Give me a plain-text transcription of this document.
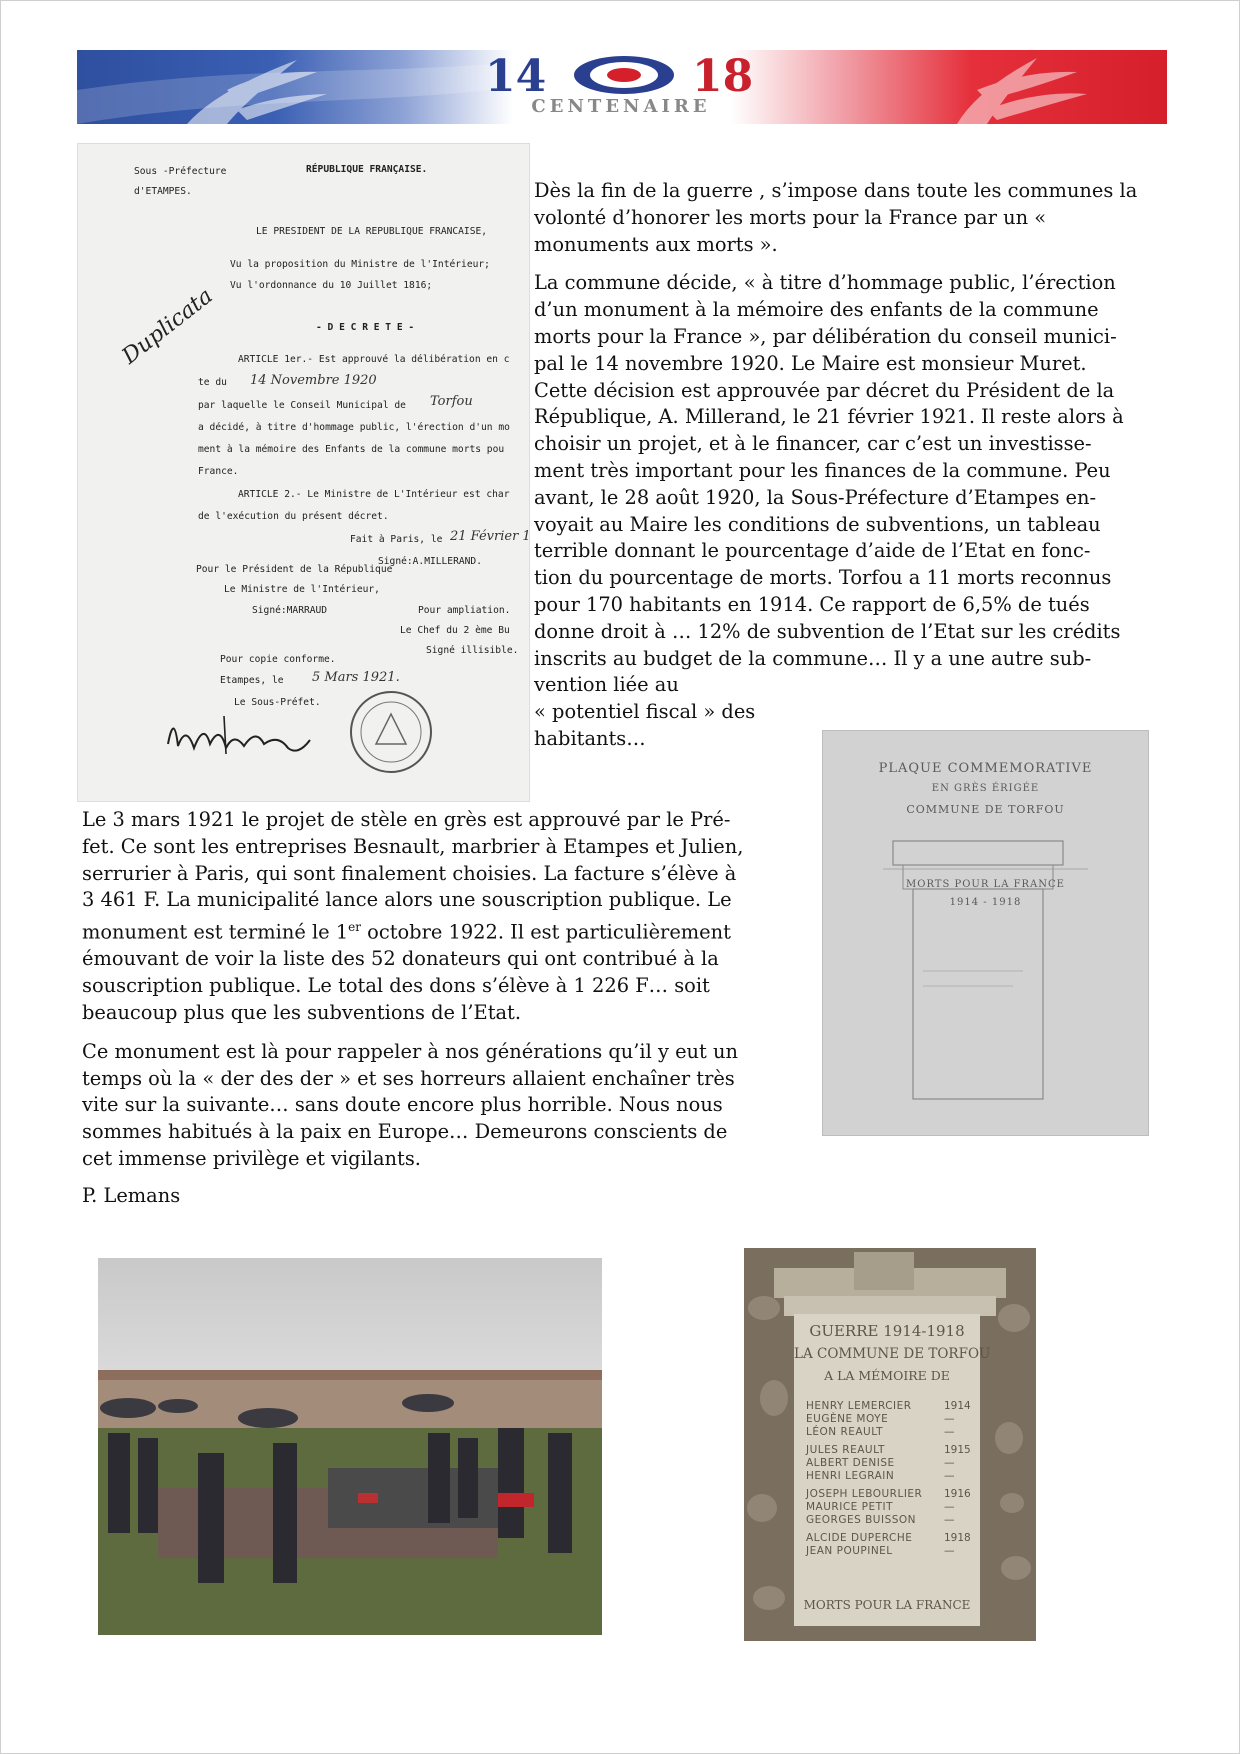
14	18
CENTENAIRE
Sous -Préfecture
d'ETAMPES.
RÉPUBLIQUE FRANÇAISE.
LE PRESIDENT DE LA REPUBLIQUE FRANCAISE,
Vu la proposition du Ministre de l'Intérieur;
Vu l'ordonnance du 10 Juillet 1816;
Duplicata	- D E C R E T E -
ARTICLE 1er.- Est approuvé la délibération en c
te du 14 Novembre 1920
par laquelle le Conseil Municipal de Torfou
a décidé, à titre d'hommage public, l'érection d'un mo
ment à la mémoire des Enfants de la commune morts pou
France.
ARTICLE 2.- Le Ministre de L'Intérieur est char
de l'exécution du présent décret.
Fait à Paris, le 21 Février 1
Signé:A.MILLERAND.
Pour le Président de la République
Le Ministre de l'Intérieur,
Signé:MARRAUD	Pour ampliation.
Le Chef du 2 ème Bu
Signé illisible.
Pour copie conforme.
Etampes, le 5 Mars 1921.
Le Sous-Préfet.

Dès la fin de la guerre , s’impose dans toute les communes la volonté d’honorer les morts pour la France par un « monuments aux morts ».

La commune décide, « à titre d’hommage public, l’érection
d’un monument à la mémoire des enfants de la commune
morts pour la France », par délibération du conseil munici-
pal le 14 novembre 1920. Le Maire est monsieur Muret.
Cette décision est approuvée par décret du Président de la
République, A. Millerand, le 21 février 1921. Il reste alors à
choisir un projet, et à le financer, car c’est un investisse-
ment très important pour les finances de la commune. Peu
avant, le 28 août 1920, la Sous-Préfecture d’Etampes en-
voyait au Maire les conditions de subventions, un tableau
terrible donnant le pourcentage d’aide de l’Etat en fonc-
tion du pourcentage de morts. Torfou a 11 morts reconnus
pour 170 habitants en 1914. Ce rapport de 6,5% de tués
donne droit à … 12% de subvention de l’Etat sur les crédits
inscrits au budget de la commune… Il y a une autre sub-
vention liée au
« potentiel fiscal » des
habitants…

PLAQUE COMMEMORATIVE
EN GRÈS ÉRIGÉE
COMMUNE DE TORFOU
MORTS POUR LA FRANCE
1914 - 1918

Le 3 mars 1921 le projet de stèle en grès est approuvé par le Pré-
fet. Ce sont les entreprises Besnault, marbrier à Etampes et Julien,
serrurier à Paris, qui sont finalement choisies. La facture s’élève à
3 461 F. La municipalité lance alors une souscription publique. Le
monument est terminé le 1er octobre 1922. Il est particulièrement
émouvant de voir la liste des 52 donateurs qui ont contribué à la
souscription publique. Le total des dons s’élève à 1 226 F… soit
beaucoup plus que les subventions de l’Etat.

Ce monument est là pour rappeler à nos générations qu’il y eut un
temps où la « der des der » et ses horreurs allaient enchaîner très
vite sur la suivante… sans doute encore plus horrible. Nous nous
sommes habitués à la paix en Europe… Demeurons conscients de
cet immense privilège et vigilants.

P. Lemans
GUERRE 1914-1918
LA COMMUNE DE TORFOU
A LA MÉMOIRE DE
HENRY LEMERCIER	1914
EUGÈNE MOYE	—
LÉON REAULT	—
JULES REAULT	1915
ALBERT DENISE	—
HENRI LEGRAIN	—
JOSEPH LEBOURLIER 1916
MAURICE PETIT	—
GEORGES BUISSON	—
ALCIDE DUPERCHE	1918
JEAN POUPINEL	—
MORTS POUR LA FRANCE
